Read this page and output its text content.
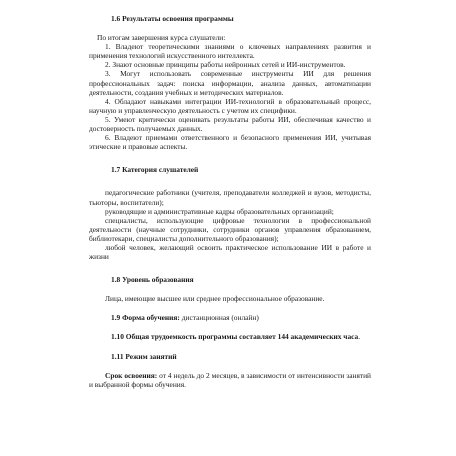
1.6 Результаты освоения программы

По итогам завершения курса слушатели:

1. Владеют теоретическими знаниями о ключевых направлениях развития и применения технологий искусственного интеллекта.

2. Знают основные принципы работы нейронных сетей и ИИ-инструментов.

3. Могут использовать современные инструменты ИИ для решения профессиональных задач: поиска информации, анализа данных, автоматизации деятельности, создания учебных и методических материалов.

4. Обладают навыками интеграции ИИ-технологий в образовательный процесс, научную и управленческую деятельность с учетом их специфики.

5. Умеют критически оценивать результаты работы ИИ, обеспечивая качество и достоверность получаемых данных.

6. Владеют приемами ответственного и безопасного применения ИИ, учитывая этические и правовые аспекты.

1.7 Категория слушателей

педагогические работники (учителя, преподаватели колледжей и вузов, методисты, тьюторы, воспитатели);

руководящие и административные кадры образовательных организаций;

специалисты, использующие цифровые технологии в профессиональной деятельности (научные сотрудники, сотрудники органов управления образованием, библиотекари, специалисты дополнительного образования);

любой человек, желающий освоить практическое использование ИИ в работе и жизни

1.8 Уровень образования

Лица, имеющие высшее или среднее профессиональное образование.

1.9 Форма обучения: дистанционная (онлайн)

1.10 Общая трудоемкость программы составляет 144 академических часа.

1.11 Режим занятий

Срок освоения: от 4 недель до 2 месяцев, в зависимости от интенсивности занятий и выбранной формы обучения.
